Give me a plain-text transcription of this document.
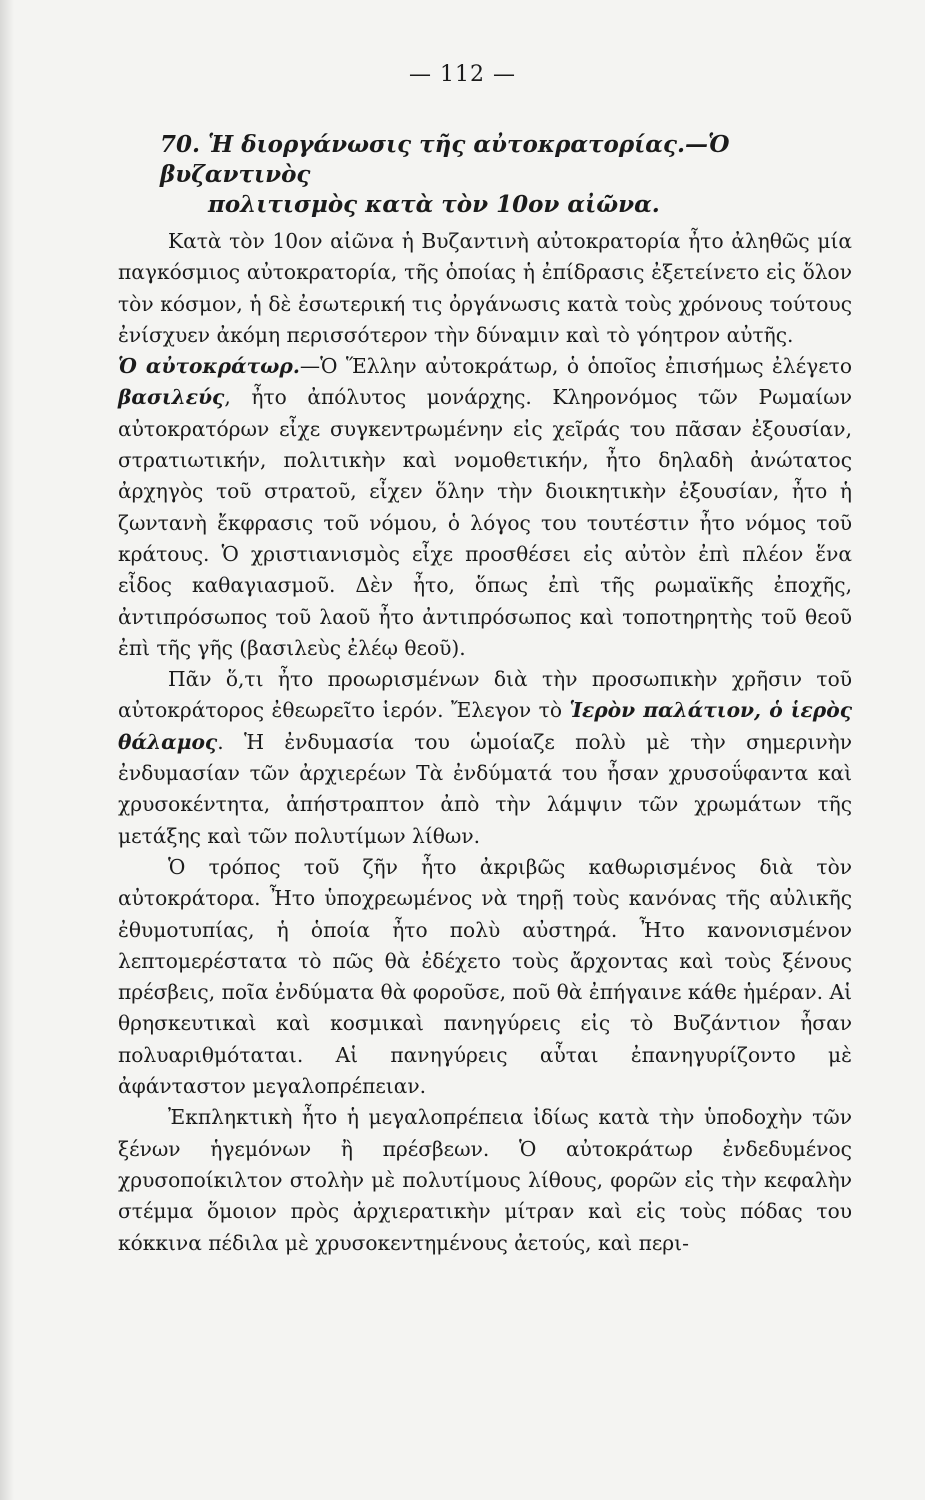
— 112 —
70. Ἡ διοργάνωσις τῆς αὐτοκρατορίας.—Ὁ βυζαντινὸς
πολιτισμὸς κατὰ τὸν 10ον αἰῶνα.

Κατὰ τὸν 10ον αἰῶνα ἡ Βυζαντινὴ αὐτοκρατορία ἦτο ἀληθῶς μία παγκόσμιος αὐτοκρατορία, τῆς ὁποίας ἡ ἐπίδρασις ἐξετείνετο εἰς ὅλον τὸν κόσμον, ἡ δὲ ἐσωτερική τις ὀργάνωσις κατὰ τοὺς χρόνους τούτους ἐνίσχυεν ἀκόμη περισσότερον τὴν δύναμιν καὶ τὸ γόητρον αὐτῆς.

Ὁ αὐτοκράτωρ.—Ὁ Ἕλλην αὐτοκράτωρ, ὁ ὁποῖος ἐπισήμως ἐλέγετο βασιλεύς, ἦτο ἀπόλυτος μονάρχης. Κληρονόμος τῶν Ρωμαίων αὐτοκρατόρων εἶχε συγκεντρωμένην εἰς χεῖράς του πᾶσαν ἐξουσίαν, στρατιωτικήν, πολιτικὴν καὶ νομοθετικήν, ἦτο δηλαδὴ ἀνώτατος ἀρχηγὸς τοῦ στρατοῦ, εἶχεν ὅλην τὴν διοικητικὴν ἐξουσίαν, ἦτο ἡ ζωντανὴ ἔκφρασις τοῦ νόμου, ὁ λόγος του τουτέστιν ἦτο νόμος τοῦ κράτους. Ὁ χριστιανισμὸς εἶχε προσθέσει εἰς αὐτὸν ἐπὶ πλέον ἕνα εἶδος καθαγιασμοῦ. Δὲν ἦτο, ὅπως ἐπὶ τῆς ρωμαϊκῆς ἐποχῆς, ἀντιπρόσωπος τοῦ λαοῦ ἦτο ἀντιπρόσωπος καὶ τοποτηρητὴς τοῦ θεοῦ ἐπὶ τῆς γῆς (βασιλεὺς ἐλέῳ θεοῦ).

Πᾶν ὅ,τι ἦτο προωρισμένων διὰ τὴν προσωπικὴν χρῆσιν τοῦ αὐτοκράτορος ἐθεωρεῖτο ἱερόν. Ἔλεγον τὸ Ἱερὸν παλάτιον, ὁ ἱερὸς θάλαμος. Ἡ ἐνδυμασία του ὡμοίαζε πολὺ μὲ τὴν σημερινὴν ἐνδυμασίαν τῶν ἀρχιερέων Τὰ ἐνδύματά του ἦσαν χρυσοΰφαντα καὶ χρυσοκέντητα, ἀπήστραπτον ἀπὸ τὴν λάμψιν τῶν χρωμάτων τῆς μετάξης καὶ τῶν πολυτίμων λίθων.

Ὁ τρόπος τοῦ ζῆν ἦτο ἀκριβῶς καθωρισμένος διὰ τὸν αὐτοκράτορα. Ἦτο ὑποχρεωμένος νὰ τηρῇ τοὺς κανόνας τῆς αὐλικῆς ἐθυμοτυπίας, ἡ ὁποία ἦτο πολὺ αὐστηρά. Ἦτο κανονισμένον λεπτομερέστατα τὸ πῶς θὰ ἐδέχετο τοὺς ἄρχοντας καὶ τοὺς ξένους πρέσβεις, ποῖα ἐνδύματα θὰ φοροῦσε, ποῦ θὰ ἐπήγαινε κάθε ἡμέραν. Αἱ θρησκευτικαὶ καὶ κοσμικαὶ πανηγύρεις εἰς τὸ Βυζάντιον ἦσαν πολυαριθμόταται. Αἱ πανηγύρεις αὗται ἐπανηγυρίζοντο μὲ ἀφάνταστον μεγαλοπρέπειαν.

Ἐκπληκτικὴ ἦτο ἡ μεγαλοπρέπεια ἰδίως κατὰ τὴν ὑποδοχὴν τῶν ξένων ἡγεμόνων ἢ πρέσβεων. Ὁ αὐτοκράτωρ ἐνδεδυμένος χρυσοποίκιλτον στολὴν μὲ πολυτίμους λίθους, φορῶν εἰς τὴν κεφαλὴν στέμμα ὅμοιον πρὸς ἀρχιερατικὴν μίτραν καὶ εἰς τοὺς πόδας του κόκκινα πέδιλα μὲ χρυσοκεντημένους ἀετούς, καὶ περι-
